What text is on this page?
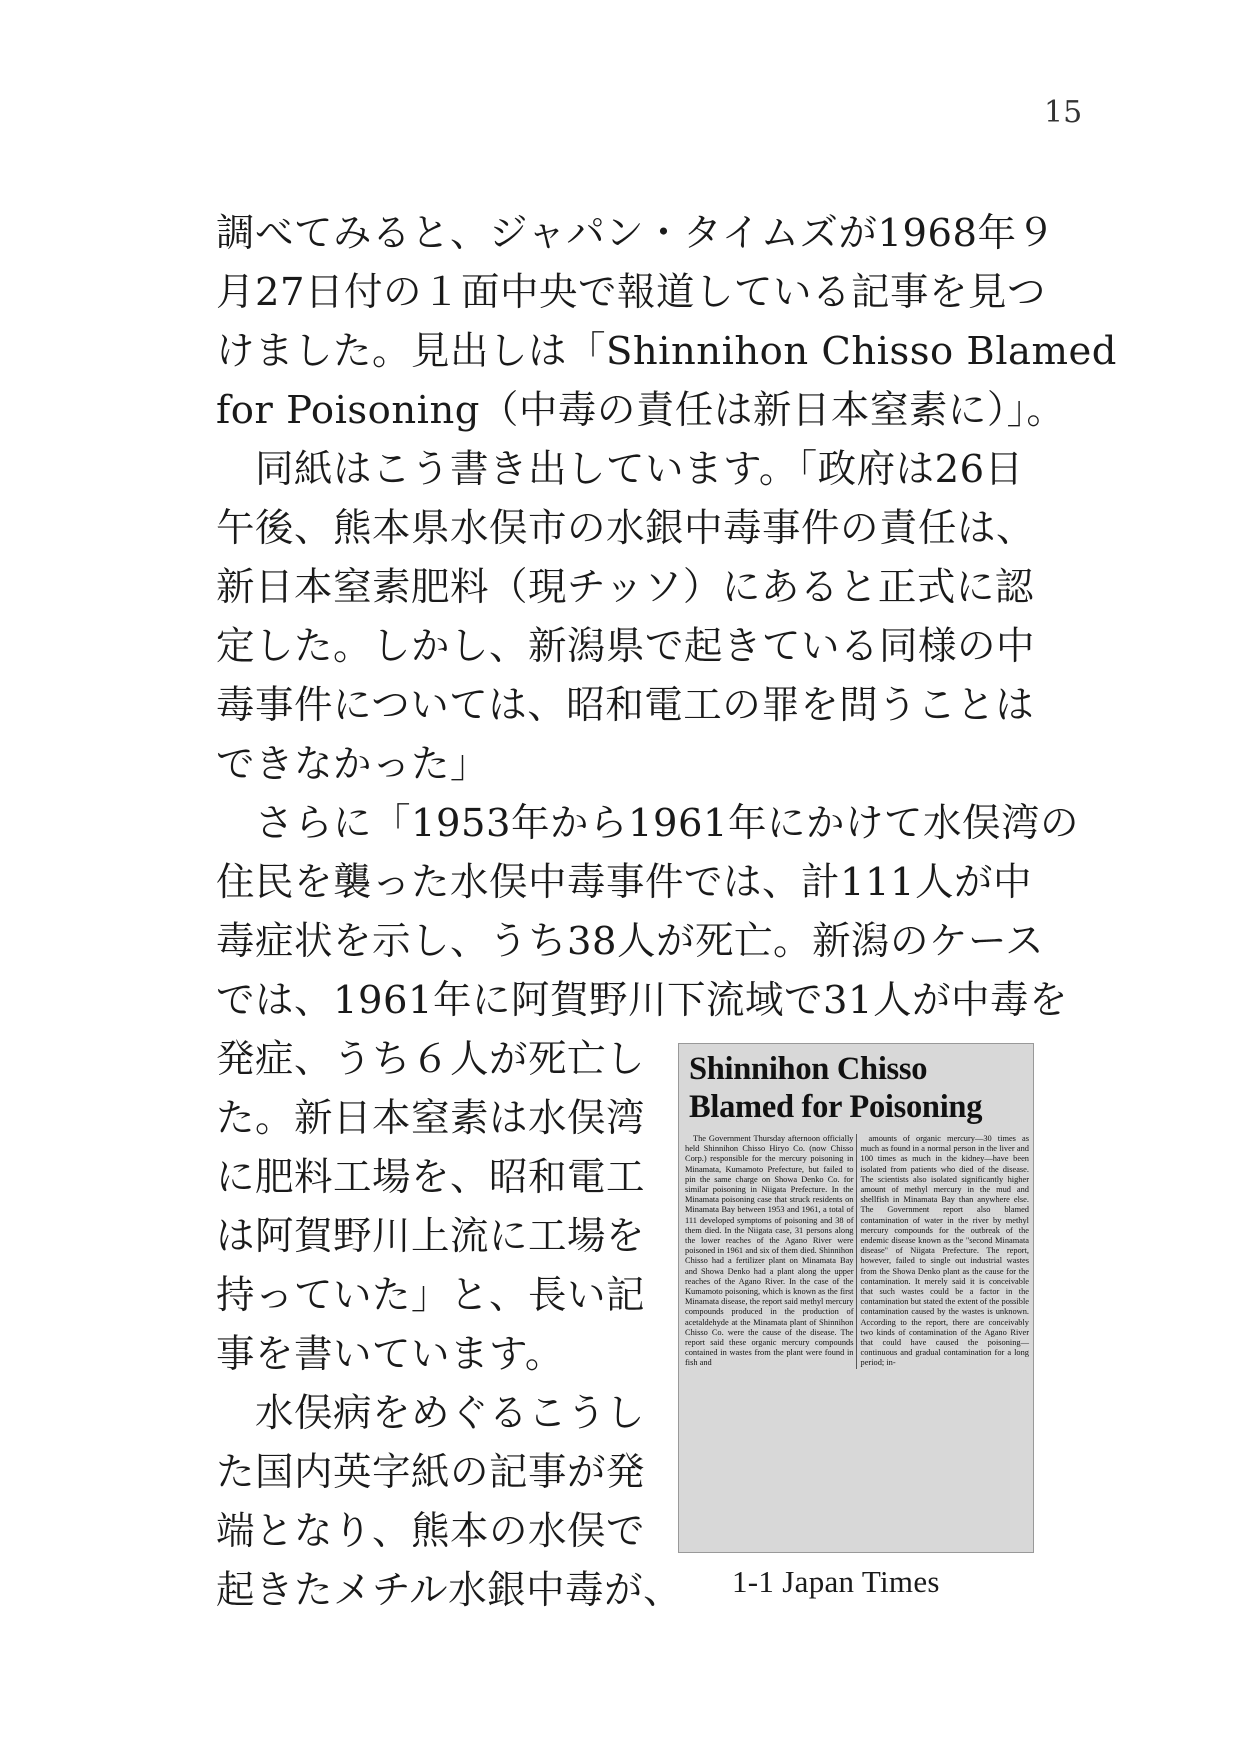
15
調べてみると、ジャパン・タイムズが1968年９
月27日付の１面中央で報道している記事を見つ
けました。見出しは「Shinnihon Chisso Blamed
for Poisoning（中毒の責任は新日本窒素に）」。
　同紙はこう書き出しています。「政府は26日
午後、熊本県水俣市の水銀中毒事件の責任は、
新日本窒素肥料（現チッソ）にあると正式に認
定した。しかし、新潟県で起きている同様の中
毒事件については、昭和電工の罪を問うことは
できなかった」
　さらに「1953年から1961年にかけて水俣湾の
住民を襲った水俣中毒事件では、計111人が中
毒症状を示し、うち38人が死亡。新潟のケース
では、1961年に阿賀野川下流域で31人が中毒を
発症、うち６人が死亡し
た。新日本窒素は水俣湾
に肥料工場を、昭和電工
は阿賀野川上流に工場を
持っていた」と、長い記
事を書いています。
　水俣病をめぐるこうし
た国内英字紙の記事が発
端となり、熊本の水俣で
起きたメチル水銀中毒が、
Shinnihon Chisso
Blamed for Poisoning

The Government Thursday afternoon officially held Shinnihon Chisso Hiryo Co. (now Chisso Corp.) responsible for the mercury poisoning in Minamata, Kumamoto Prefecture, but failed to pin the same charge on Showa Denko Co. for similar poisoning in Niigata Prefecture. In the Minamata poisoning case that struck residents on Minamata Bay between 1953 and 1961, a total of 111 developed symptoms of poisoning and 38 of them died. In the Niigata case, 31 persons along the lower reaches of the Agano River were poisoned in 1961 and six of them died. Shinnihon Chisso had a fertilizer plant on Minamata Bay and Showa Denko had a plant along the upper reaches of the Agano River. In the case of the Kumamoto poisoning, which is known as the first Minamata disease, the report said methyl mercury compounds produced in the production of acetaldehyde at the Minamata plant of Shinnihon Chisso Co. were the cause of the disease. The report said these organic mercury compounds contained in wastes from the plant were found in fish and

amounts of organic mercury—30 times as much as found in a normal person in the liver and 100 times as much in the kidney—have been isolated from patients who died of the disease. The scientists also isolated significantly higher amount of methyl mercury in the mud and shellfish in Minamata Bay than anywhere else. The Government report also blamed contamination of water in the river by methyl mercury compounds for the outbreak of the endemic disease known as the "second Minamata disease" of Niigata Prefecture. The report, however, failed to single out industrial wastes from the Showa Denko plant as the cause for the contamination. It merely said it is conceivable that such wastes could be a factor in the contamination but stated the extent of the possible contamination caused by the wastes is unknown. According to the report, there are conceivably two kinds of contamination of the Agano River that could have caused the poisoning—continuous and gradual contamination for a long period; in-

1-1 Japan Times
